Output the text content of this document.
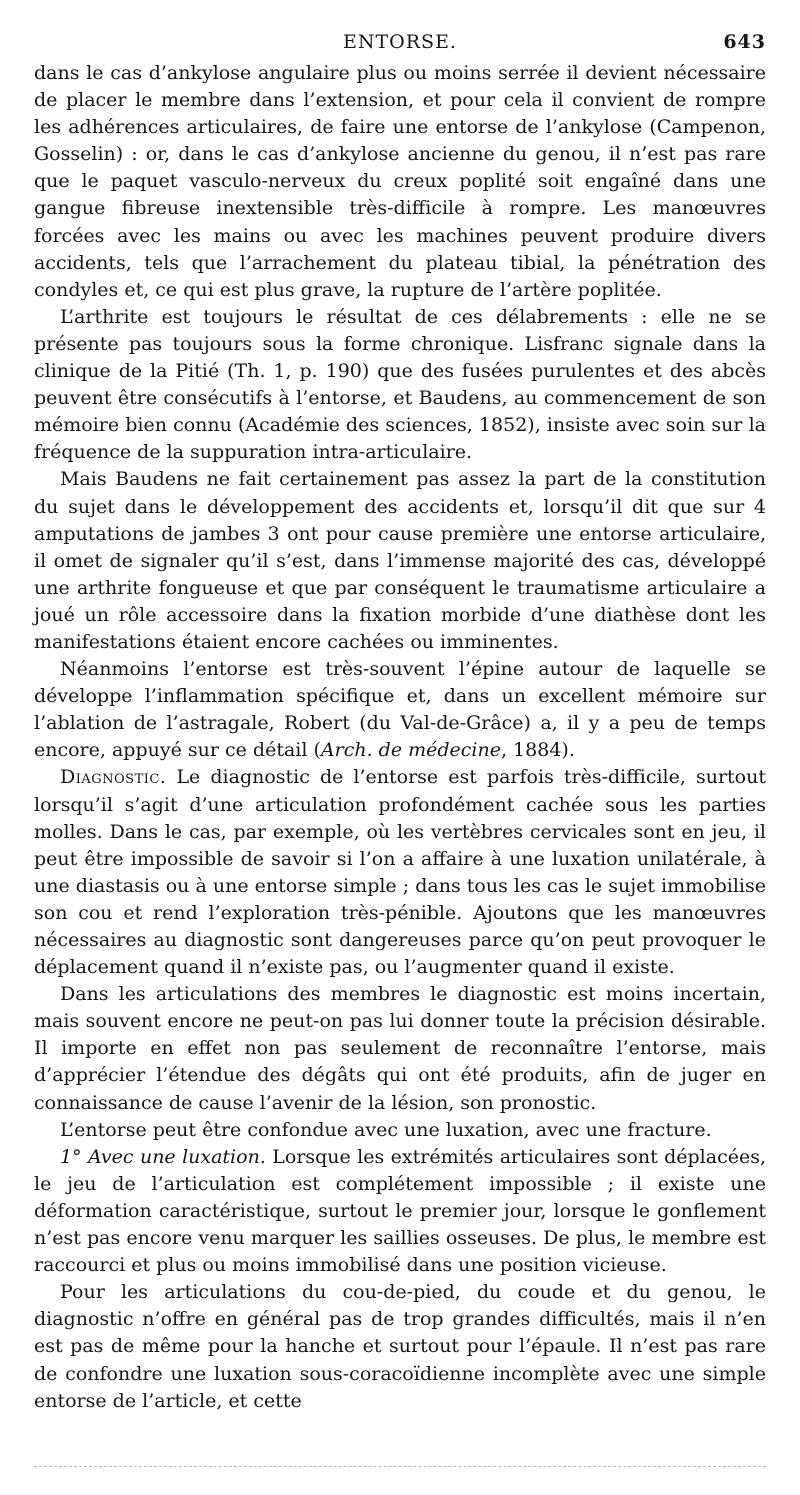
ENTORSE.	643

dans le cas d’ankylose angulaire plus ou moins serrée il devient nécessaire de placer le membre dans l’extension, et pour cela il convient de rompre les adhérences articulaires, de faire une entorse de l’ankylose (Campenon, Gosselin) : or, dans le cas d’ankylose ancienne du genou, il n’est pas rare que le paquet vasculo-nerveux du creux poplité soit engaîné dans une gangue fibreuse inextensible très-difficile à rompre. Les manœuvres forcées avec les mains ou avec les machines peuvent produire divers accidents, tels que l’arrachement du plateau tibial, la pénétration des condyles et, ce qui est plus grave, la rupture de l’artère poplitée.

L’arthrite est toujours le résultat de ces délabrements : elle ne se présente pas toujours sous la forme chronique. Lisfranc signale dans la clinique de la Pitié (Th. 1, p. 190) que des fusées purulentes et des abcès peuvent être consécutifs à l’entorse, et Baudens, au commencement de son mémoire bien connu (Académie des sciences, 1852), insiste avec soin sur la fréquence de la suppuration intra-articulaire.

Mais Baudens ne fait certainement pas assez la part de la constitution du sujet dans le développement des accidents et, lorsqu’il dit que sur 4 amputations de jambes 3 ont pour cause première une entorse articulaire, il omet de signaler qu’il s’est, dans l’immense majorité des cas, développé une arthrite fongueuse et que par conséquent le traumatisme articulaire a joué un rôle accessoire dans la fixation morbide d’une diathèse dont les manifestations étaient encore cachées ou imminentes.

Néanmoins l’entorse est très-souvent l’épine autour de laquelle se développe l’inflammation spécifique et, dans un excellent mémoire sur l’ablation de l’astragale, Robert (du Val-de-Grâce) a, il y a peu de temps encore, appuyé sur ce détail (Arch. de médecine, 1884).

Diagnostic. Le diagnostic de l’entorse est parfois très-difficile, surtout lorsqu’il s’agit d’une articulation profondément cachée sous les parties molles. Dans le cas, par exemple, où les vertèbres cervicales sont en jeu, il peut être impossible de savoir si l’on a affaire à une luxation unilatérale, à une diastasis ou à une entorse simple ; dans tous les cas le sujet immobilise son cou et rend l’exploration très-pénible. Ajoutons que les manœuvres nécessaires au diagnostic sont dangereuses parce qu’on peut provoquer le déplacement quand il n’existe pas, ou l’augmenter quand il existe.

Dans les articulations des membres le diagnostic est moins incertain, mais souvent encore ne peut-on pas lui donner toute la précision désirable. Il importe en effet non pas seulement de reconnaître l’entorse, mais d’apprécier l’étendue des dégâts qui ont été produits, afin de juger en connaissance de cause l’avenir de la lésion, son pronostic.

L’entorse peut être confondue avec une luxation, avec une fracture.

1° Avec une luxation. Lorsque les extrémités articulaires sont déplacées, le jeu de l’articulation est complétement impossible ; il existe une déformation caractéristique, surtout le premier jour, lorsque le gonflement n’est pas encore venu marquer les saillies osseuses. De plus, le membre est raccourci et plus ou moins immobilisé dans une position vicieuse.

Pour les articulations du cou-de-pied, du coude et du genou, le diagnostic n’offre en général pas de trop grandes difficultés, mais il n’en est pas de même pour la hanche et surtout pour l’épaule. Il n’est pas rare de confondre une luxation sous-coracoïdienne incomplète avec une simple entorse de l’article, et cette
